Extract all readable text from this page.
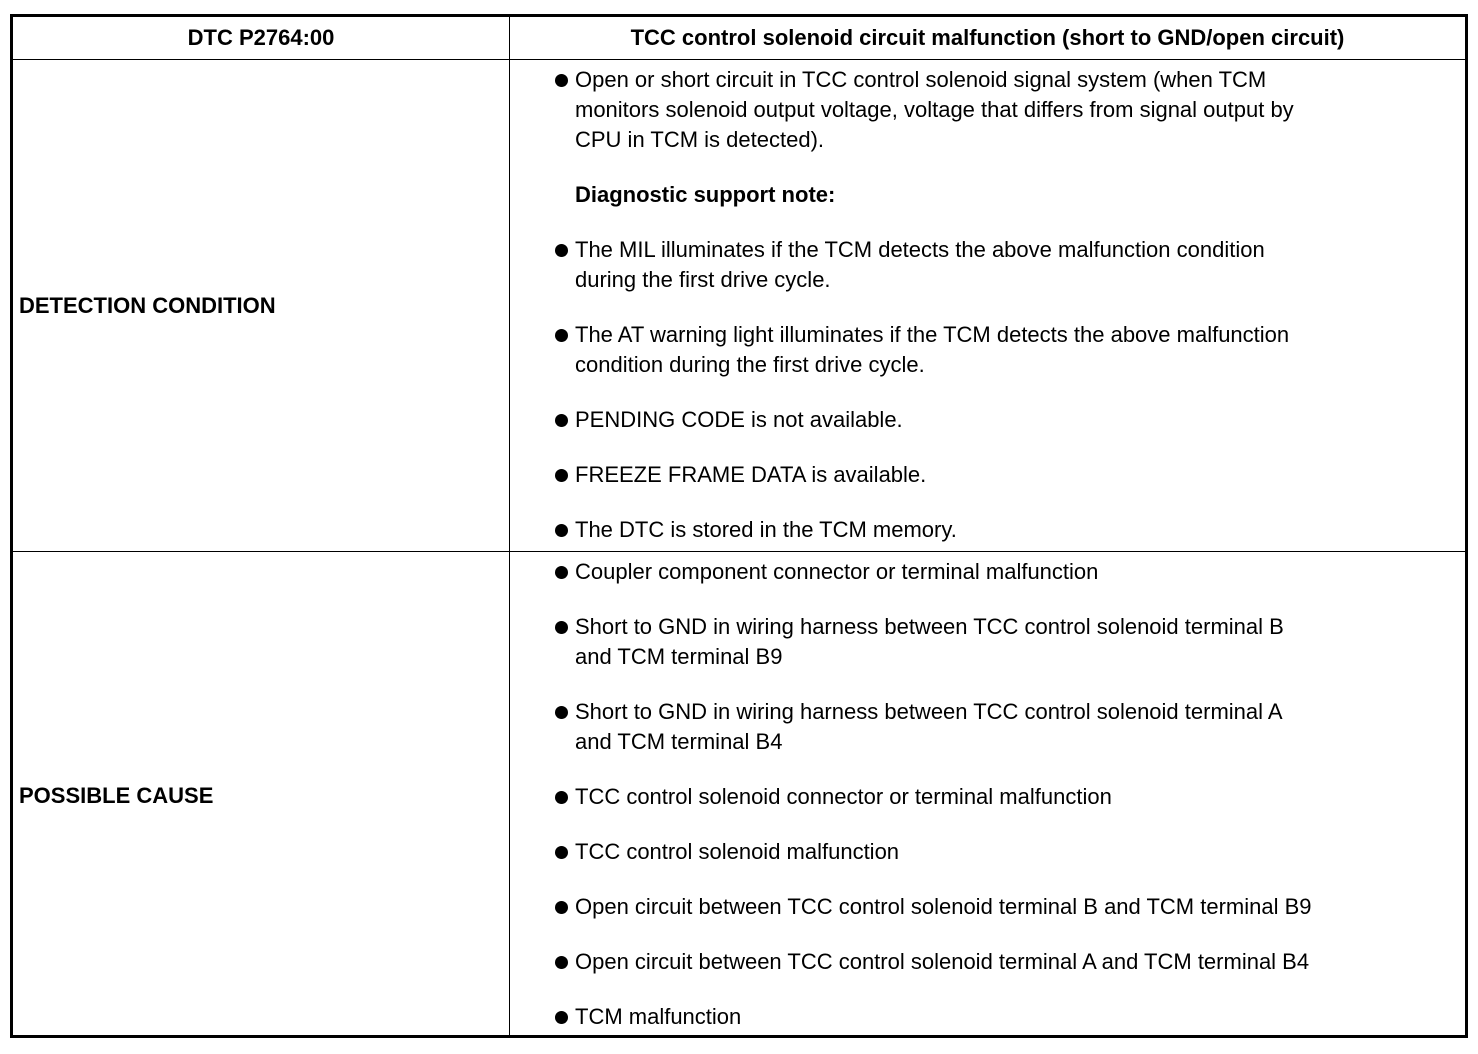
DTC P2764:00	TCC control solenoid circuit malfunction (short to GND/open circuit)
DETECTION CONDITION
POSSIBLE CAUSE
Open or short circuit in TCC control solenoid signal system (when TCM
monitors solenoid output voltage, voltage that differs from signal output by
CPU in TCM is detected).
Diagnostic support note:
The MIL illuminates if the TCM detects the above malfunction condition
during the first drive cycle.
The AT warning light illuminates if the TCM detects the above malfunction
condition during the first drive cycle.
PENDING CODE is not available.
FREEZE FRAME DATA is available.
The DTC is stored in the TCM memory.
Coupler component connector or terminal malfunction
Short to GND in wiring harness between TCC control solenoid terminal B
and TCM terminal B9
Short to GND in wiring harness between TCC control solenoid terminal A
and TCM terminal B4
TCC control solenoid connector or terminal malfunction
TCC control solenoid malfunction
Open circuit between TCC control solenoid terminal B and TCM terminal B9
Open circuit between TCC control solenoid terminal A and TCM terminal B4
TCM malfunction
